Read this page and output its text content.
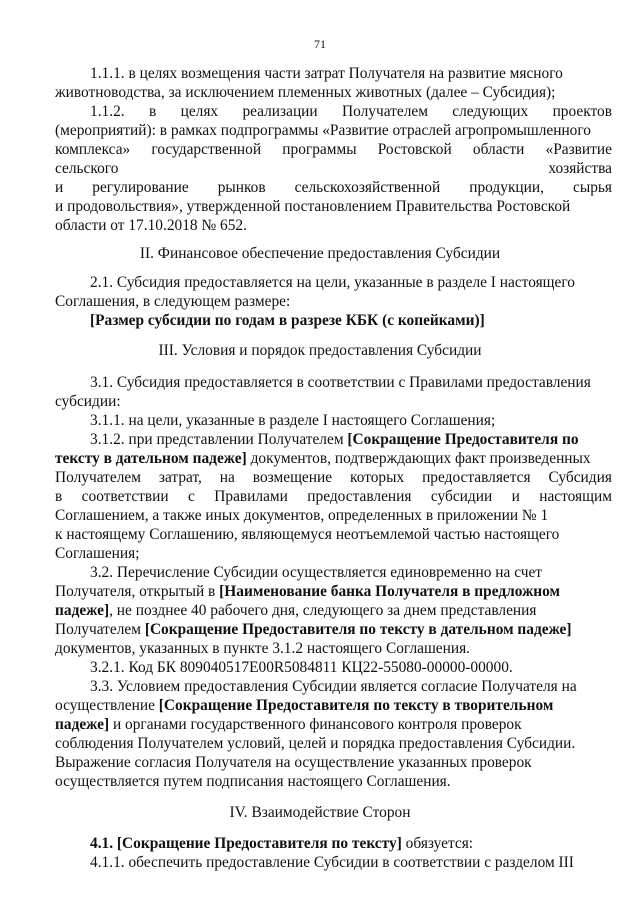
71
1.1.1. в целях возмещения части затрат Получателя на развитие мясного
животноводства, за исключением племенных животных (далее – Субсидия);
1.1.2. в целях реализации Получателем следующих проектов
(мероприятий): в рамках подпрограммы «Развитие отраслей агропромышленного
комплекса» государственной программы Ростовской области «Развитие
сельского	хозяйства
и регулирование рынков сельскохозяйственной продукции, сырья
и продовольствия», утвержденной постановлением Правительства Ростовской
области от 17.10.2018 № 652.
II. Финансовое обеспечение предоставления Субсидии
2.1. Субсидия предоставляется на цели, указанные в разделе I настоящего
Соглашения, в следующем размере:
[Размер субсидии по годам в разрезе КБК (с копейками)]
III. Условия и порядок предоставления Субсидии
3.1. Субсидия предоставляется в соответствии с Правилами предоставления
субсидии:
3.1.1. на цели, указанные в разделе I настоящего Соглашения;
3.1.2. при представлении Получателем [Сокращение Предоставителя по
тексту в дательном падеже] документов, подтверждающих факт произведенных
Получателем затрат, на возмещение которых предоставляется Субсидия
в соответствии с Правилами предоставления субсидии и настоящим
Соглашением, а также иных документов, определенных в приложении № 1
к настоящему Соглашению, являющемуся неотъемлемой частью настоящего
Соглашения;
3.2. Перечисление Субсидии осуществляется единовременно на счет
Получателя, открытый в [Наименование банка Получателя в предложном
падеже], не позднее 40 рабочего дня, следующего за днем представления
Получателем [Сокращение Предоставителя по тексту в дательном падеже]
документов, указанных в пункте 3.1.2 настоящего Соглашения.
3.2.1. Код БК 809040517E00R5084811 КЦ22-55080-00000-00000.
3.3. Условием предоставления Субсидии является согласие Получателя на
осуществление [Сокращение Предоставителя по тексту в творительном
падеже] и органами государственного финансового контроля проверок
соблюдения Получателем условий, целей и порядка предоставления Субсидии.
Выражение согласия Получателя на осуществление указанных проверок
осуществляется путем подписания настоящего Соглашения.
IV. Взаимодействие Сторон
4.1. [Сокращение Предоставителя по тексту] обязуется:
4.1.1. обеспечить предоставление Субсидии в соответствии с разделом III
